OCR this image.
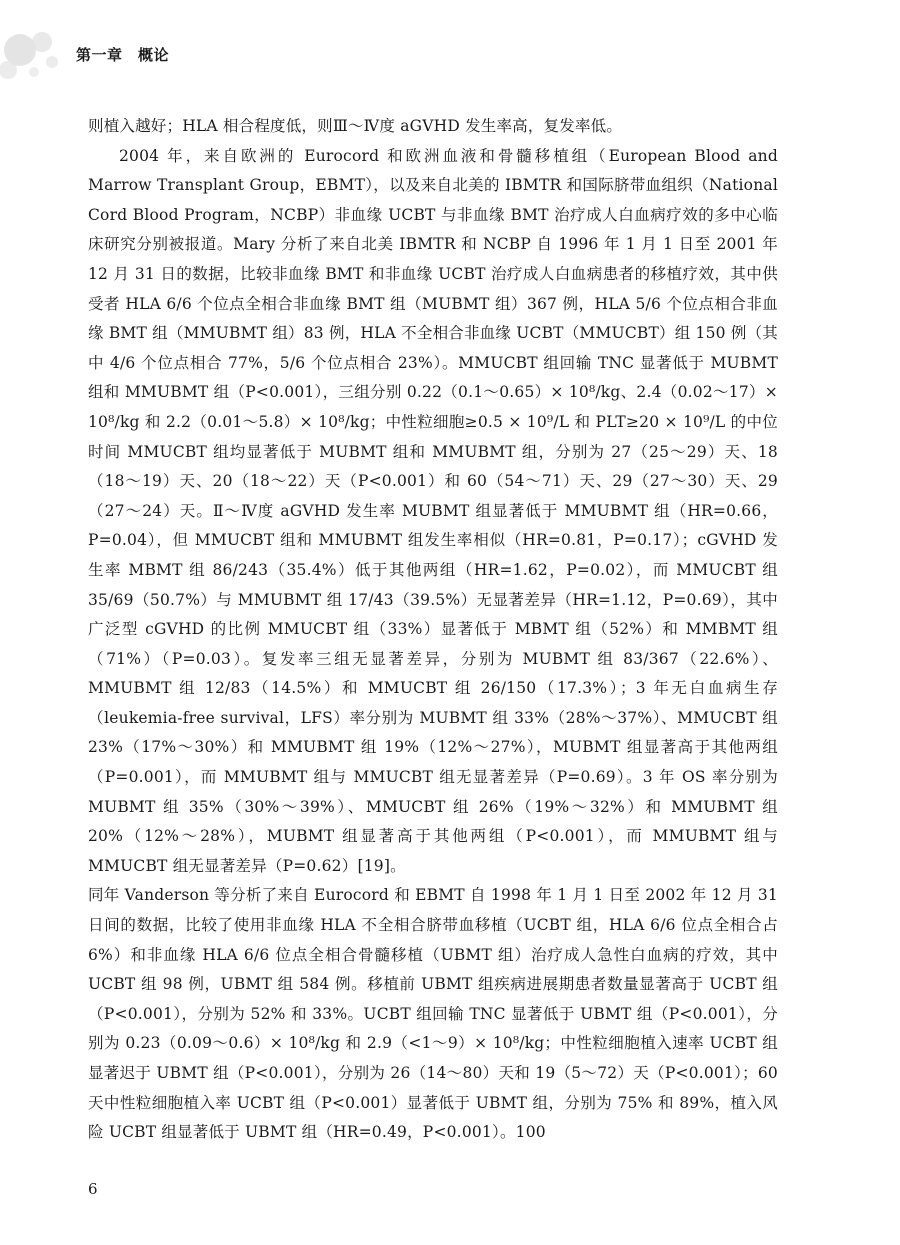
第一章　概论

则植入越好；HLA 相合程度低，则Ⅲ～Ⅳ度 aGVHD 发生率高，复发率低。

2004 年，来自欧洲的 Eurocord 和欧洲血液和骨髓移植组（European Blood and Marrow Transplant Group，EBMT），以及来自北美的 IBMTR 和国际脐带血组织（National Cord Blood Program，NCBP）非血缘 UCBT 与非血缘 BMT 治疗成人白血病疗效的多中心临床研究分别被报道。Mary 分析了来自北美 IBMTR 和 NCBP 自 1996 年 1 月 1 日至 2001 年 12 月 31 日的数据，比较非血缘 BMT 和非血缘 UCBT 治疗成人白血病患者的移植疗效，其中供受者 HLA 6/6 个位点全相合非血缘 BMT 组（MUBMT 组）367 例，HLA 5/6 个位点相合非血缘 BMT 组（MMUBMT 组）83 例，HLA 不全相合非血缘 UCBT（MMUCBT）组 150 例（其中 4/6 个位点相合 77%，5/6 个位点相合 23%）。MMUCBT 组回输 TNC 显著低于 MUBMT 组和 MMUBMT 组（P<0.001），三组分别 0.22（0.1～0.65）× 10⁸/kg、2.4（0.02～17）× 10⁸/kg 和 2.2（0.01～5.8）× 10⁸/kg；中性粒细胞≥0.5 × 10⁹/L 和 PLT≥20 × 10⁹/L 的中位时间 MMUCBT 组均显著低于 MUBMT 组和 MMUBMT 组，分别为 27（25～29）天、18（18～19）天、20（18～22）天（P<0.001）和 60（54～71）天、29（27～30）天、29（27～24）天。Ⅱ～Ⅳ度 aGVHD 发生率 MUBMT 组显著低于 MMUBMT 组（HR=0.66，P=0.04），但 MMUCBT 组和 MMUBMT 组发生率相似（HR=0.81，P=0.17）；cGVHD 发生率 MBMT 组 86/243（35.4%）低于其他两组（HR=1.62，P=0.02），而 MMUCBT 组 35/69（50.7%）与 MMUBMT 组 17/43（39.5%）无显著差异（HR=1.12，P=0.69），其中广泛型 cGVHD 的比例 MMUCBT 组（33%）显著低于 MBMT 组（52%）和 MMBMT 组（71%）（P=0.03）。复发率三组无显著差异，分别为 MUBMT 组 83/367（22.6%）、MMUBMT 组 12/83（14.5%）和 MMUCBT 组 26/150（17.3%）；3 年无白血病生存（leukemia-free survival，LFS）率分别为 MUBMT 组 33%（28%～37%）、MMUCBT 组 23%（17%～30%）和 MMUBMT 组 19%（12%～27%），MUBMT 组显著高于其他两组（P=0.001），而 MMUBMT 组与 MMUCBT 组无显著差异（P=0.69）。3 年 OS 率分别为 MUBMT 组 35%（30%～39%）、MMUCBT 组 26%（19%～32%）和 MMUBMT 组 20%（12%～28%），MUBMT 组显著高于其他两组（P<0.001），而 MMUBMT 组与 MMUCBT 组无显著差异（P=0.62）[19]。

同年 Vanderson 等分析了来自 Eurocord 和 EBMT 自 1998 年 1 月 1 日至 2002 年 12 月 31 日间的数据，比较了使用非血缘 HLA 不全相合脐带血移植（UCBT 组，HLA 6/6 位点全相合占 6%）和非血缘 HLA 6/6 位点全相合骨髓移植（UBMT 组）治疗成人急性白血病的疗效，其中 UCBT 组 98 例，UBMT 组 584 例。移植前 UBMT 组疾病进展期患者数量显著高于 UCBT 组（P<0.001），分别为 52% 和 33%。UCBT 组回输 TNC 显著低于 UBMT 组（P<0.001），分别为 0.23（0.09～0.6）× 10⁸/kg 和 2.9（<1～9）× 10⁸/kg；中性粒细胞植入速率 UCBT 组显著迟于 UBMT 组（P<0.001），分别为 26（14～80）天和 19（5～72）天（P<0.001）；60 天中性粒细胞植入率 UCBT 组（P<0.001）显著低于 UBMT 组，分别为 75% 和 89%，植入风险 UCBT 组显著低于 UBMT 组（HR=0.49，P<0.001）。100

6
